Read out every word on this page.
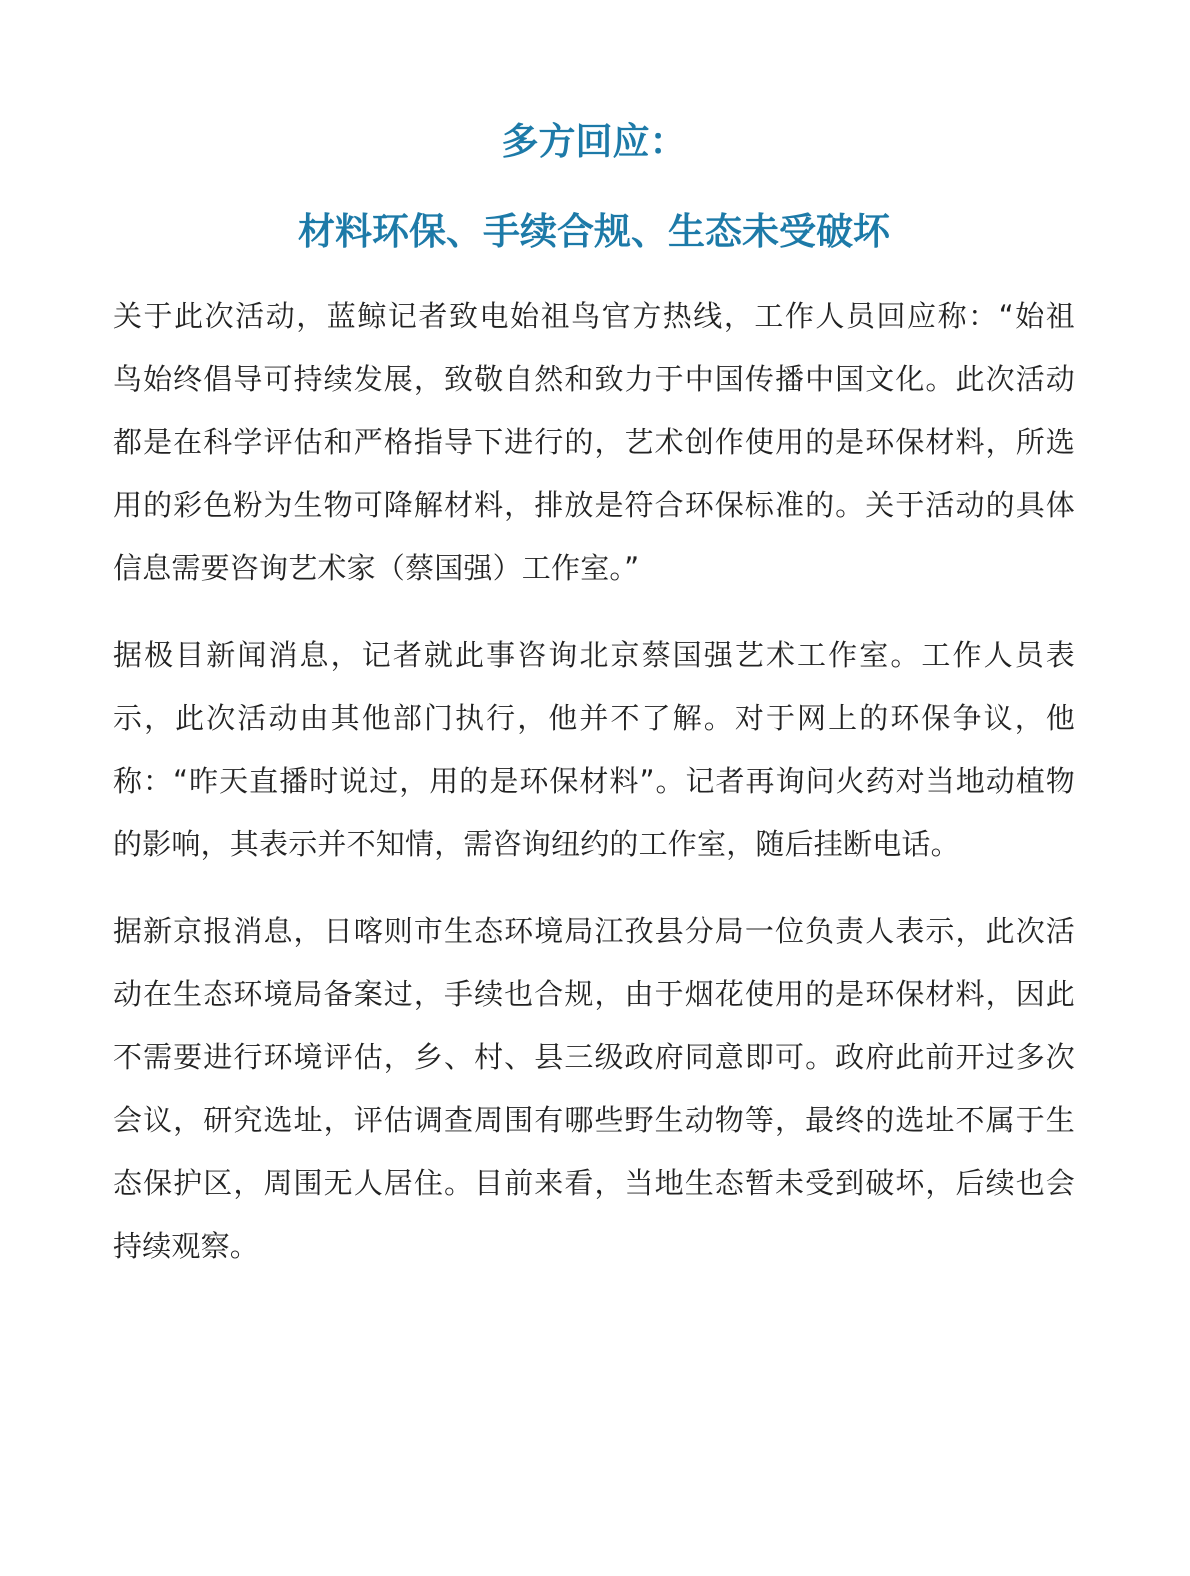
多方回应：
材料环保、手续合规、生态未受破坏

关于此次活动，蓝鲸记者致电始祖鸟官方热线，工作人员回应称：“始祖
鸟始终倡导可持续发展，致敬自然和致力于中国传播中国文化。此次活动
都是在科学评估和严格指导下进行的，艺术创作使用的是环保材料，所选
用的彩色粉为生物可降解材料，排放是符合环保标准的。关于活动的具体
信息需要咨询艺术家（蔡国强）工作室。”

据极目新闻消息，记者就此事咨询北京蔡国强艺术工作室。工作人员表
示，此次活动由其他部门执行，他并不了解。对于网上的环保争议，他
称：“昨天直播时说过，用的是环保材料”。记者再询问火药对当地动植物
的影响，其表示并不知情，需咨询纽约的工作室，随后挂断电话。

据新京报消息，日喀则市生态环境局江孜县分局一位负责人表示，此次活
动在生态环境局备案过，手续也合规，由于烟花使用的是环保材料，因此
不需要进行环境评估，乡、村、县三级政府同意即可。政府此前开过多次
会议，研究选址，评估调查周围有哪些野生动物等，最终的选址不属于生
态保护区，周围无人居住。目前来看，当地生态暂未受到破坏，后续也会
持续观察。
